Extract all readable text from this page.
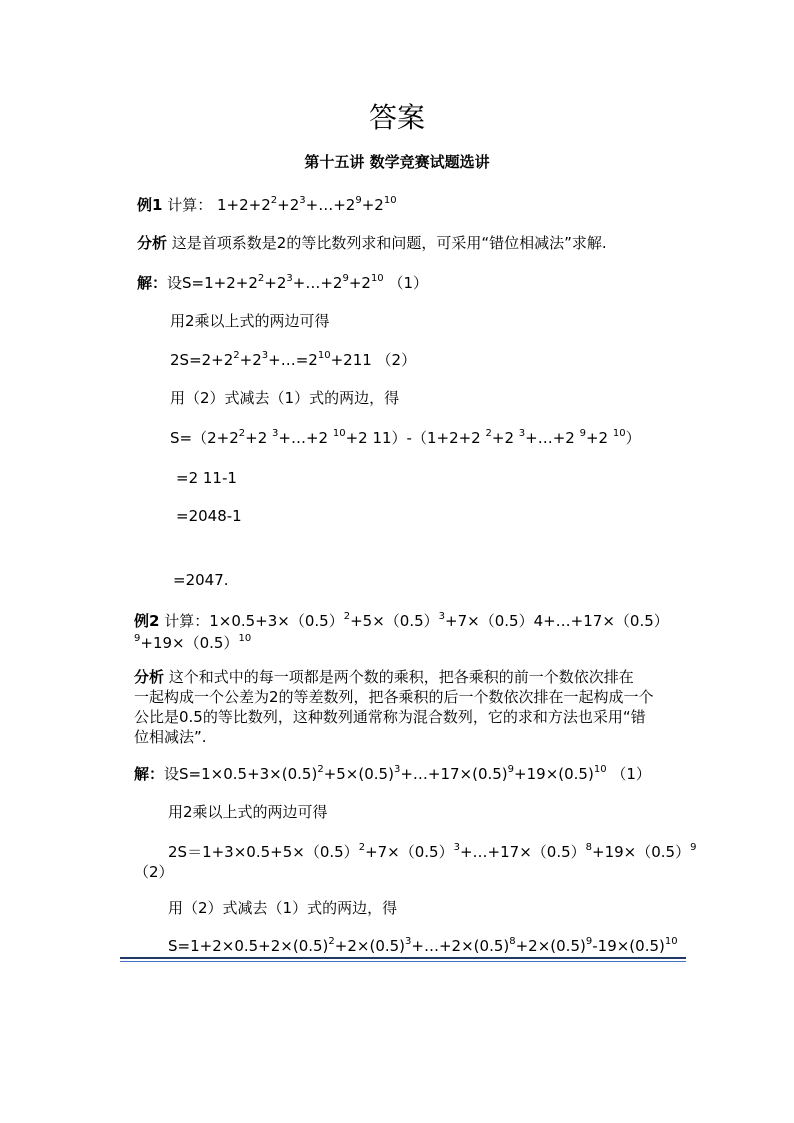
答案
第十五讲 数学竞赛试题选讲
例1 计算： $1+2+2^2+2^3+\dots+2^9+2^{10}$
分析 这是首项系数是2的等比数列求和问题，可采用“错位相减法”求解.
解：设$S=1+2+2^2+2^3+\dots+2^9+2^{10}$ （1）
用2乘以上式的两边可得
$2S=2+2^2+2^3+\dots=2^{10}+211$ （2）
用（2）式减去（1）式的两边，得
$S=(2+2^2+2$ $^3$+…+2 $^{10}$+2 11）-（1+2+2 $^2$+2 $^3$+…+2 $^9$+2 $^{10}$）
=2 11-1
=2048-1
=2047.
例2 计算：$1\times 0.5+3\times(0.5)^2+5\times(0.5)^3+7\times(0.5)4+\dots+17\times(0.5)$
$^9+19\times(0.5)^{10}$
分析 这个和式中的每一项都是两个数的乘积，把各乘积的前一个数依次排在
一起构成一个公差为2的等差数列，把各乘积的后一个数依次排在一起构成一个
公比是0.5的等比数列，这种数列通常称为混合数列，它的求和方法也采用“错
位相减法”.
解：设$S=1\times 0.5+3\times(0.5)^2+5\times(0.5)^3+\dots+17\times(0.5)^9+19\times(0.5)^{10}$ （1）
用2乘以上式的两边可得
$2S=1+3\times 0.5+5\times(0.5)^2+7\times(0.5)^3+\dots+17\times(0.5)^8+19\times(0.5)^9$
（2）
用（2）式减去（1）式的两边，得
$S=1+2\times 0.5+2\times(0.5)^2+2\times(0.5)^3+\dots+2\times(0.5)^8+2\times(0.5)^9-19\times(0.5)^{10}$
